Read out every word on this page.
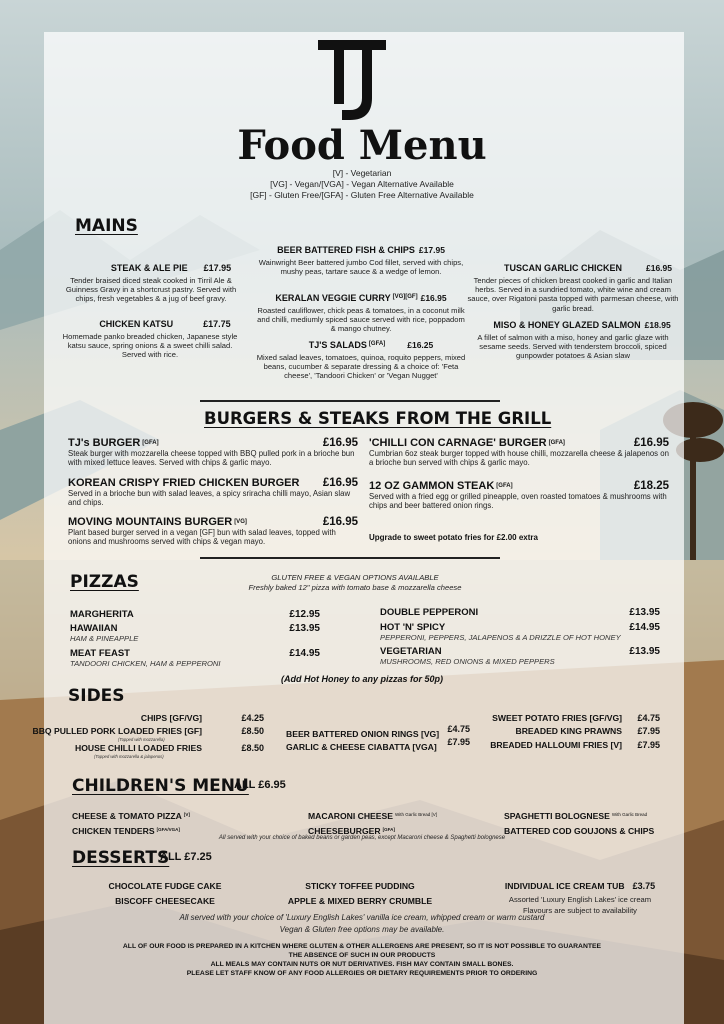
Food Menu
[V] - Vegetarian
[VG] - Vegan/[VGA] - Vegan Alternative Available
[GF] - Gluten Free/[GFA] - Gluten Free Alternative Available
MAINS
STEAK & ALE PIE £17.95
Tender braised diced steak cooked in Tirril Ale & Guinness Gravy in a shortcrust pastry. Served with chips, fresh vegetables & a jug of beef gravy.
CHICKEN KATSU	£17.75
Homemade panko breaded chicken, Japanese style katsu sauce, spring onions & a sweet chilli salad. Served with rice.
BEER BATTERED FISH & CHIPS £17.95
Wainwright Beer battered jumbo Cod fillet, served with chips, mushy peas, tartare sauce & a wedge of lemon.
KERALAN VEGGIE CURRY [VG][GF] £16.95
Roasted cauliflower, chick peas & tomatoes, in a coconut milk and chilli, mediumly spiced sauce served with rice, poppadom & mango chutney.
TJ'S SALADS [GFA]	£16.25
Mixed salad leaves, tomatoes, quinoa, roquito peppers, mixed beans, cucumber & separate dressing & a choice of: 'Feta cheese', 'Tandoori Chicken' or 'Vegan Nugget'
TUSCAN GARLIC CHICKEN	£16.95
Tender pieces of chicken breast cooked in garlic and Italian herbs. Served in a sundried tomato, white wine and cream sauce, over Rigatoni pasta topped with parmesan cheese, with garlic bread.
MISO & HONEY GLAZED SALMON £18.95
A fillet of salmon with a miso, honey and garlic glaze with sesame seeds. Served with tenderstem broccoli, spiced gunpowder potatoes & Asian slaw
BURGERS & STEAKS FROM THE GRILL
TJ's BURGER [GFA]	£16.95
Steak burger with mozzarella cheese topped with BBQ pulled pork in a brioche bun with mixed lettuce leaves. Served with chips & garlic mayo.
KOREAN CRISPY FRIED CHICKEN BURGER £16.95
Served in a brioche bun with salad leaves, a spicy sriracha chilli mayo, Asian slaw and chips.
MOVING MOUNTAINS BURGER [VG]	£16.95
Plant based burger served in a vegan [GF] bun with salad leaves, topped with onions and mushrooms served with chips & vegan mayo.
'CHILLI CON CARNAGE' BURGER [GFA]	£16.95
Cumbrian 6oz steak burger topped with house chilli, mozzarella cheese & jalapenos on a brioche bun served with chips & garlic mayo.
12 OZ GAMMON STEAK [GFA]	£18.25
Served with a fried egg or grilled pineapple, oven roasted tomatoes & mushrooms with chips and beer battered onion rings.
Upgrade to sweet potato fries for £2.00 extra
PIZZAS	GLUTEN FREE & VEGAN OPTIONS AVAILABLE
Freshly baked 12" pizza with tomato base & mozzarella cheese
MARGHERITA	£12.95
HAWAIIAN	£13.95
HAM & PINEAPPLE
MEAT FEAST	£14.95
TANDOORI CHICKEN, HAM & PEPPERONI
DOUBLE PEPPERONI	£13.95
HOT 'N' SPICY	£14.95
PEPPERONI, PEPPERS, JALAPENOS & A DRIZZLE OF HOT HONEY
VEGETARIAN	£13.95
MUSHROOMS, RED ONIONS & MIXED PEPPERS
(Add Hot Honey to any pizzas for 50p)
SIDES
CHIPS [GF/VG]	£4.25
BBQ PULLED PORK LOADED FRIES [GF]	£8.50
(Topped with mozzarella)
HOUSE CHILLI LOADED FRIES	£8.50
(Topped with mozzarella & jalapenos)
BEER BATTERED ONION RINGS [VG] £4.75
GARLIC & CHEESE CIABATTA [VGA] £7.95
SWEET POTATO FRIES [GF/VG] £4.75
BREADED KING PRAWNS £7.95
BREADED HALLOUMI FRIES [V] £7.95
CHILDREN'S MENU
ALL £6.95
CHEESE & TOMATO PIZZA [V]
CHICKEN TENDERS [GFA/VGA]
MACARONI CHEESE With Garlic Bread [V]
CHEESEBURGER [GFA]
SPAGHETTI BOLOGNESE With Garlic Bread
BATTERED COD GOUJONS & CHIPS
All served with your choice of baked beans or garden peas, except Macaroni cheese & Spaghetti bolognese
DESSERTS
ALL £7.25
CHOCOLATE FUDGE CAKE
BISCOFF CHEESECAKE
STICKY TOFFEE PUDDING
APPLE & MIXED BERRY CRUMBLE
INDIVIDUAL ICE CREAM TUB £3.75
Assorted 'Luxury English Lakes' ice cream
Flavours are subject to availability
All served with your choice of 'Luxury English Lakes' vanilla ice cream, whipped cream or warm custard
Vegan & Gluten free options may be available.
ALL OF OUR FOOD IS PREPARED IN A KITCHEN WHERE GLUTEN & OTHER ALLERGENS ARE PRESENT, SO IT IS NOT POSSIBLE TO GUARANTEE
THE ABSENCE OF SUCH IN OUR PRODUCTS
ALL MEALS MAY CONTAIN NUTS OR NUT DERIVATIVES. FISH MAY CONTAIN SMALL BONES.
PLEASE LET STAFF KNOW OF ANY FOOD ALLERGIES OR DIETARY REQUIREMENTS PRIOR TO ORDERING
